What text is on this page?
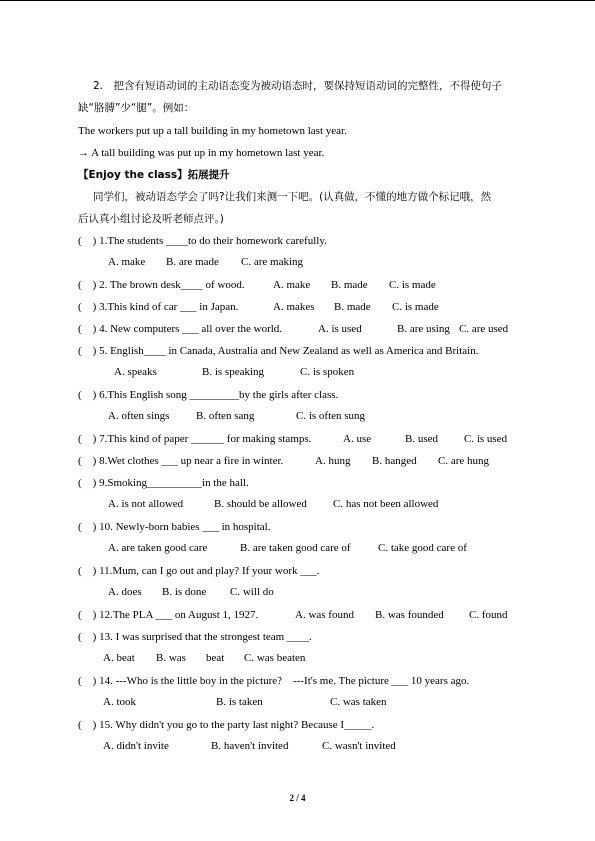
2.　把含有短语动词的主动语态变为被动语态时，要保持短语动词的完整性，不得使句子
缺“胳膊”少“腿”。例如：
The workers put up a tall building in my hometown last year.
→ A tall building was put up in my hometown last year.
【Enjoy the class】拓展提升
同学们，被动语态学会了吗?让我们来测一下吧。(认真做，不懂的地方做个标记哦，然
后认真小组讨论及听老师点评。)
(　) 1.The students ____to do their homework carefully.
A. make B. are made C. are making
(　) 2. The brown desk____ of wood.	A. make B. made C. is made
(　) 3.This kind of car ___ in Japan.	A. makes B. made C. is made
(　) 4. New computers ___ all over the world.	A. is used	B. are using C. are used
(　) 5. English____ in Canada, Australia and New Zealand as well as America and Britain.
A. speaks	B. is speaking	C. is spoken
(　) 6.This English song _________by the girls after class.
A. often sings B. often sang	C. is often sung
(　) 7.This kind of paper ______ for making stamps.	A. use	B. used C. is used
(　) 8.Wet clothes ___ up near a fire in winter.	A. hung B. hanged C. are hung
(　) 9.Smoking__________in the hall.
A. is not allowed	B. should be allowed C. has not been allowed
(　) 10. Newly-born babies ___ in hospital.
A. are taken good care	B. are taken good care of C. take good care of
(　) 11.Mum, can I go out and play? If your work ___.
A. does B. is done C. will do
(　) 12.The PLA ___ on August 1, 1927.	A. was found B. was founded C. found
(　) 13. I was surprised that the strongest team ____.
A. beat B. was beat C. was beaten
(　) 14. ---Who is the little boy in the picture?　---It's me. The picture ___ 10 years ago.
A. took	B. is taken	C. was taken
(　) 15. Why didn't you go to the party last night? Because I_____.
A. didn't invite	B. haven't invited	C. wasn't invited
2 / 4
